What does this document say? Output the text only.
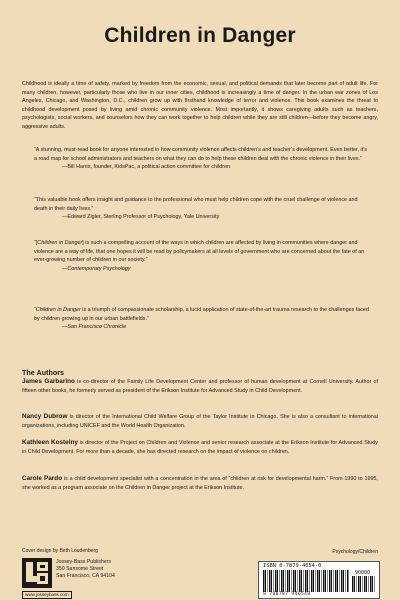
Children in Danger
Childhood is ideally a time of safety, marked by freedom from the economic, sexual, and political demands that later become part of adult life. For many children, however, particularly those who live in our inner cities, childhood is increasingly a time of danger. In the urban war zones of Los Angeles, Chicago, and Washington, D.C., children grow up with firsthand knowledge of terror and violence. This book examines the threat to childhood development posed by living amid chronic community violence. Most importantly, it shows caregiving adults such as teachers, psychologists, social workers, and counselors how they can work together to help children while they are still children—before they become angry, aggressive adults.
“A stunning, must-read book for anyone interested in how community violence affects children’s and teacher’s development. Even better, it’s a road map for school administrators and teachers on what they can do to help these children deal with the chronic violence in their lives.”
—Bill Harris, founder, KidsPac, a political action committee for children
“This valuable book offers insight and guidance to the professional who must help children cope with the cruel challenge of violence and death in their daily lives.”
—Edward Zigler, Sterling Professor of Psychology, Yale University
“[Children in Danger] is such a compelling account of the ways in which children are affected by living in communities where danger and violence are a way of life, that one hopes it will be read by policymakers at all levels of government who are concerned about the fate of an ever-growing number of children in our society.”
—Contemporary Psychology
“Children in Danger is a triumph of compassionate scholarship, a lucid application of state-of-the-art trauma research to the challenges faced by children growing up in our urban battlefields.”
—San Francisco Chronicle
The Authors
James Garbarino is co-director of the Family Life Development Center and professor of human development at Cornell University. Author of fifteen other books, he formerly served as president of the Erikson Institute for Advanced Study in Child Development.
Nancy Dubrow is director of the International Child Welfare Group of the Taylor Institute in Chicago. She is also a consultant to international organizations, including UNICEF and the World Health Organization.
Kathleen Kostelny is director of the Project on Children and Violence and senior research associate at the Erikson Institute for Advanced Study in Child Development. For more than a decade, she has directed research on the impact of violence on children.
Carole Pardo is a child development specialist with a concentration in the area of “children at risk for developmental harm.” From 1990 to 1995, she worked as a program associate on the Children in Danger project at the Erikson Institute.
Cover design by Beth Loudenberg	Psychology/Children
Jossey-Bass Publishers
350 Sansome Street
San Francisco, CA 94104
www.josseybass.com
ISBN 0-7879-4654-0
90000
9 780787 946548
